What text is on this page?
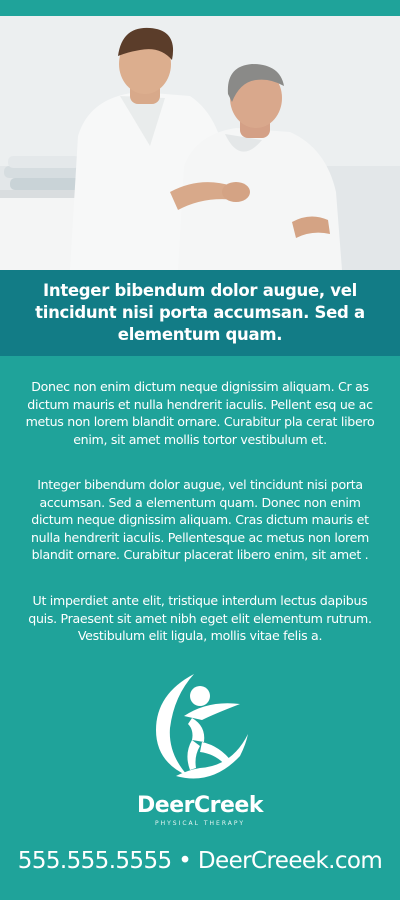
Integer bibendum dolor augue, vel tincidunt nisi porta accumsan. Sed a elementum quam.

Donec non enim dictum neque dignissim aliquam. Cr as dictum mauris et nulla hendrerit iaculis. Pellent esq ue ac metus non lorem blandit ornare. Curabitur pla cerat libero enim, sit amet mollis tortor vestibulum et.

Integer bibendum dolor augue, vel tincidunt nisi porta accumsan. Sed a elementum quam. Donec non enim dictum neque dignissim aliquam. Cras dictum mauris et nulla hendrerit iaculis. Pellentesque ac metus non lorem blandit ornare. Curabitur placerat libero enim, sit amet .

Ut imperdiet ante elit, tristique interdum lectus dapibus quis. Praesent sit amet nibh eget elit elementum rutrum. Vestibulum elit ligula, mollis vitae felis a.

DeerCreek
PHYSICAL THERAPY
555.555.5555 • DeerCreeek.com
